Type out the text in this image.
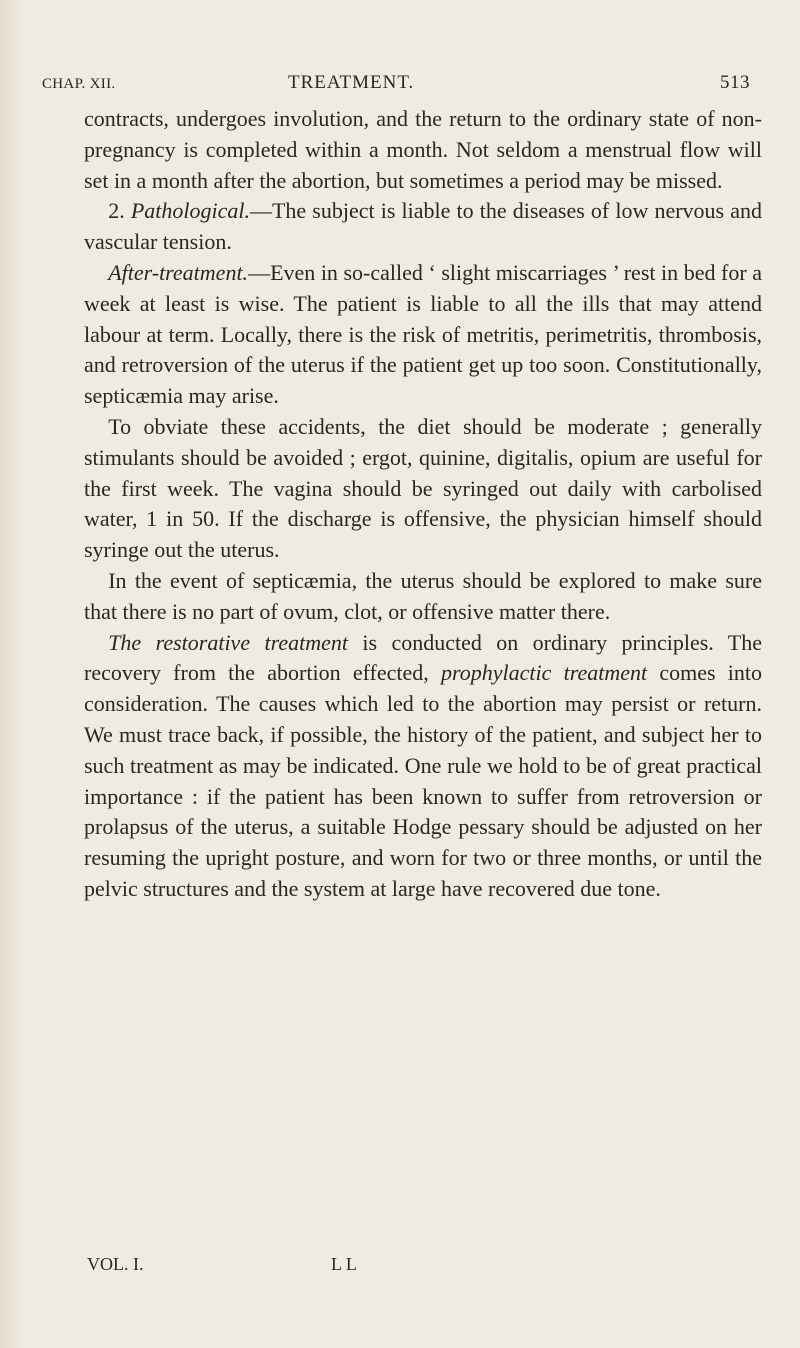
CHAP. XII.	TREATMENT.	513

contracts, undergoes involution, and the return to the ordinary state of non-pregnancy is completed within a month. Not seldom a menstrual flow will set in a month after the abortion, but sometimes a period may be missed.

2. Pathological.—The subject is liable to the diseases of low nervous and vascular tension.

After-treatment.—Even in so-called ‘ slight miscarriages ’ rest in bed for a week at least is wise. The patient is liable to all the ills that may attend labour at term. Locally, there is the risk of metritis, perimetritis, thrombosis, and retroversion of the uterus if the patient get up too soon. Constitutionally, septicæmia may arise.

To obviate these accidents, the diet should be moderate ; generally stimulants should be avoided ; ergot, quinine, digitalis, opium are useful for the first week. The vagina should be syringed out daily with carbolised water, 1 in 50. If the discharge is offensive, the physician himself should syringe out the uterus.

In the event of septicæmia, the uterus should be explored to make sure that there is no part of ovum, clot, or offensive matter there.

The restorative treatment is conducted on ordinary principles. The recovery from the abortion effected, prophylactic treatment comes into consideration. The causes which led to the abortion may persist or return. We must trace back, if possible, the history of the patient, and subject her to such treatment as may be indicated. One rule we hold to be of great practical importance : if the patient has been known to suffer from retroversion or prolapsus of the uterus, a suitable Hodge pessary should be adjusted on her resuming the upright posture, and worn for two or three months, or until the pelvic structures and the system at large have recovered due tone.

VOL. I.	L L
